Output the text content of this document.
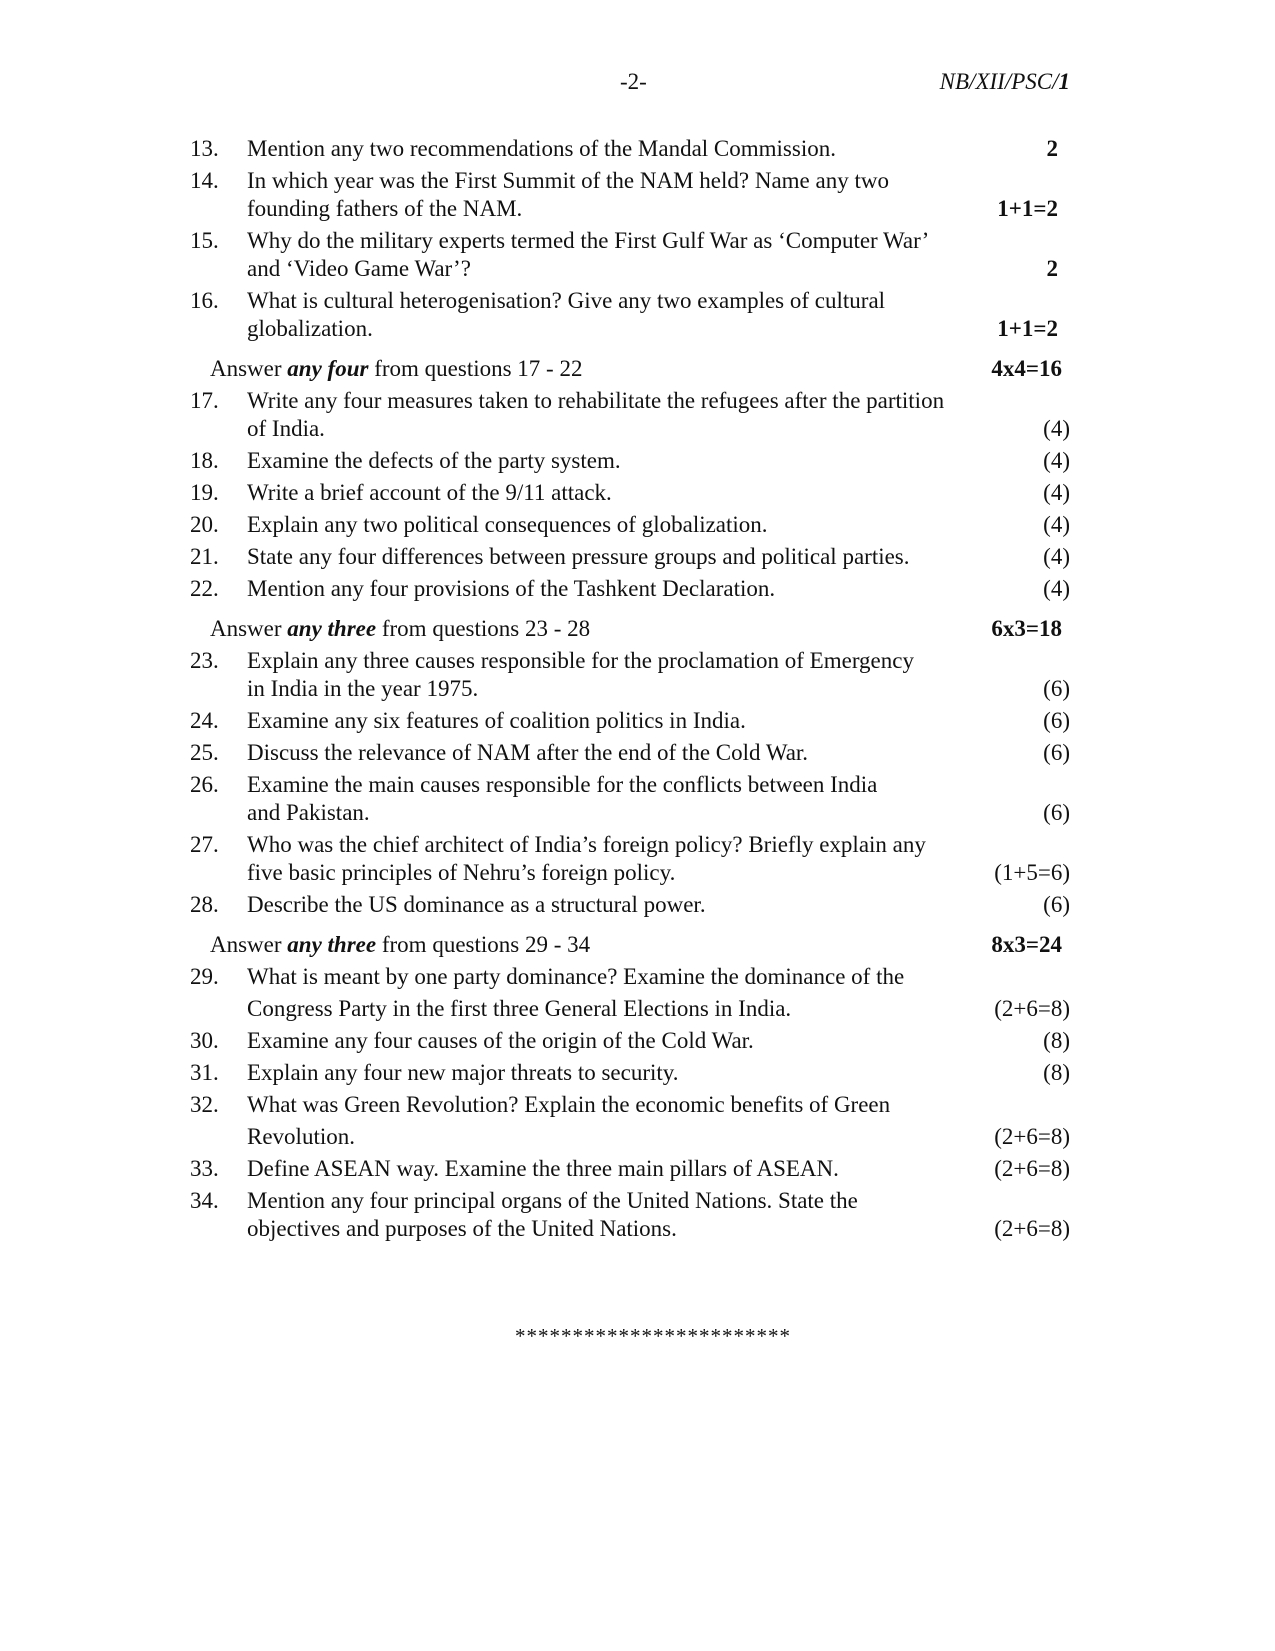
-2-	NB/XII/PSC/1
13.	Mention any two recommendations of the Mandal Commission.	2
14.	In which year was the First Summit of the NAM held? Name any two
founding fathers of the NAM.	1+1=2
15.	Why do the military experts termed the First Gulf War as ‘Computer War’
and ‘Video Game War’?	2
16.	What is cultural heterogenisation? Give any two examples of cultural
globalization.	1+1=2
Answer any four from questions 17 - 22	4x4=16
17.	Write any four measures taken to rehabilitate the refugees after the partition
of India.	(4)
18.	Examine the defects of the party system.	(4)
19.	Write a brief account of the 9/11 attack.	(4)
20.	Explain any two political consequences of globalization.	(4)
21.	State any four differences between pressure groups and political parties.	(4)
22.	Mention any four provisions of the Tashkent Declaration.	(4)
Answer any three from questions 23 - 28	6x3=18
23.	Explain any three causes responsible for the proclamation of Emergency
in India in the year 1975.	(6)
24.	Examine any six features of coalition politics in India.	(6)
25.	Discuss the relevance of NAM after the end of the Cold War.	(6)
26.	Examine the main causes responsible for the conflicts between India
and Pakistan.	(6)
27.	Who was the chief architect of India’s foreign policy? Briefly explain any
five basic principles of Nehru’s foreign policy.	(1+5=6)
28.	Describe the US dominance as a structural power.	(6)
Answer any three from questions 29 - 34	8x3=24
29.	What is meant by one party dominance? Examine the dominance of the
Congress Party in the first three General Elections in India.	(2+6=8)
30.	Examine any four causes of the origin of the Cold War.	(8)
31.	Explain any four new major threats to security.	(8)
32.	What was Green Revolution? Explain the economic benefits of Green
Revolution.	(2+6=8)
33.	Define ASEAN way. Examine the three main pillars of ASEAN.	(2+6=8)
34.	Mention any four principal organs of the United Nations. State the
objectives and purposes of the United Nations.	(2+6=8)
************************
